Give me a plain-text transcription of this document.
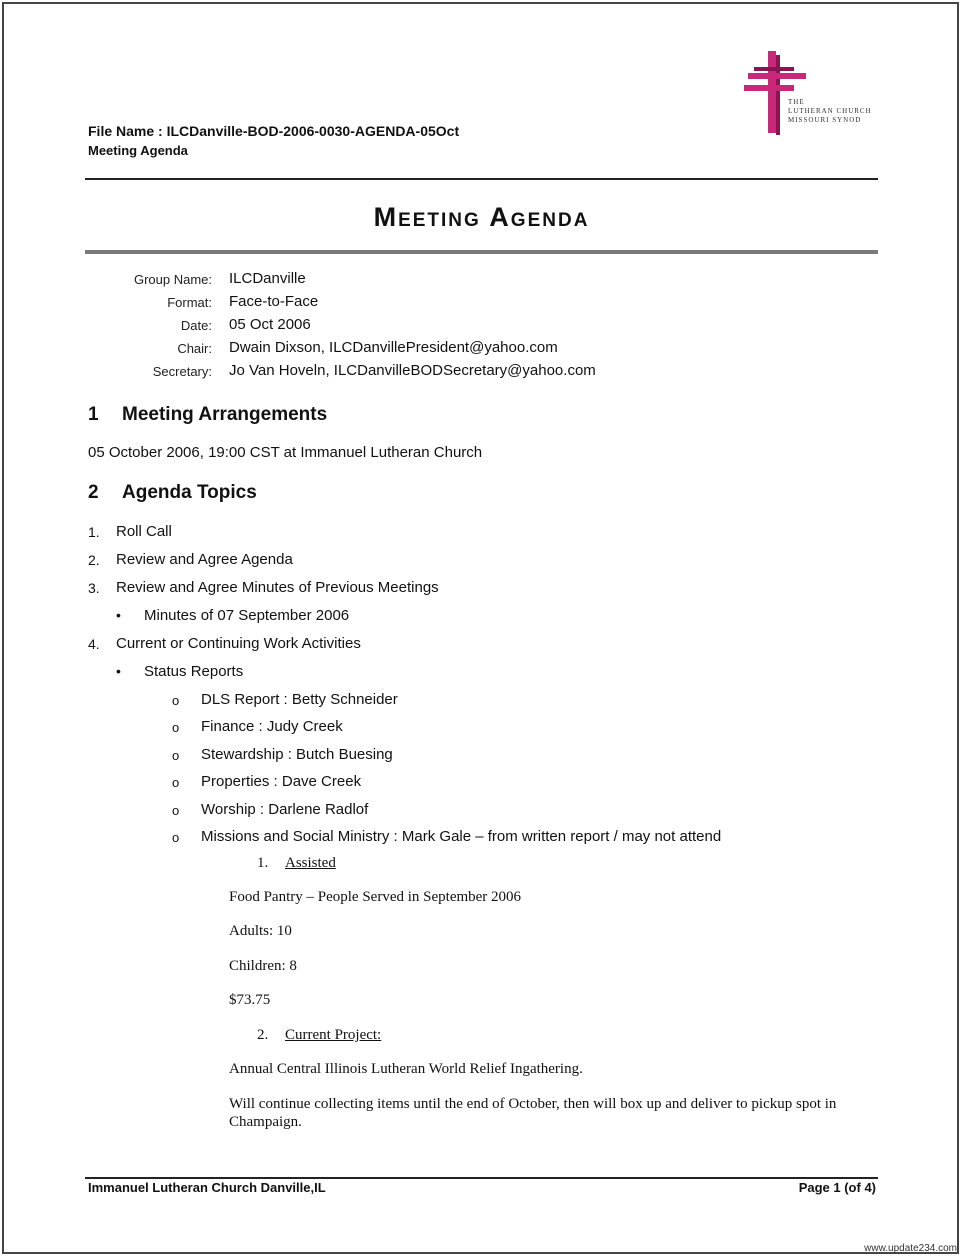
THE
LUTHERAN CHURCH
MISSOURI SYNOD
File Name : ILCDanville-BOD-2006-0030-AGENDA-05Oct
Meeting Agenda
Meeting Agenda
Group Name: ILCDanville
Format: Face-to-Face
Date: 05 Oct 2006
Chair: Dwain Dixson, ILCDanvillePresident@yahoo.com
Secretary: Jo Van Hoveln, ILCDanvilleBODSecretary@yahoo.com
1 Meeting Arrangements
05 October 2006, 19:00 CST at Immanuel Lutheran Church
2 Agenda Topics
1. Roll Call
2. Review and Agree Agenda
3. Review and Agree Minutes of Previous Meetings
• Minutes of 07 September 2006
4. Current or Continuing Work Activities
• Status Reports
o DLS Report : Betty Schneider
o Finance : Judy Creek
o Stewardship : Butch Buesing
o Properties : Dave Creek
o Worship : Darlene Radlof
o Missions and Social Ministry : Mark Gale – from written report / may not attend
1. Assisted
Food Pantry – People Served in September 2006
Adults: 10
Children: 8
$73.75
2. Current Project:
Annual Central Illinois Lutheran World Relief Ingathering.
Will continue collecting items until the end of October, then will box up and deliver to pickup spot in
Champaign.
Immanuel Lutheran Church Danville,IL	Page 1 (of 4)
www.update234.com
